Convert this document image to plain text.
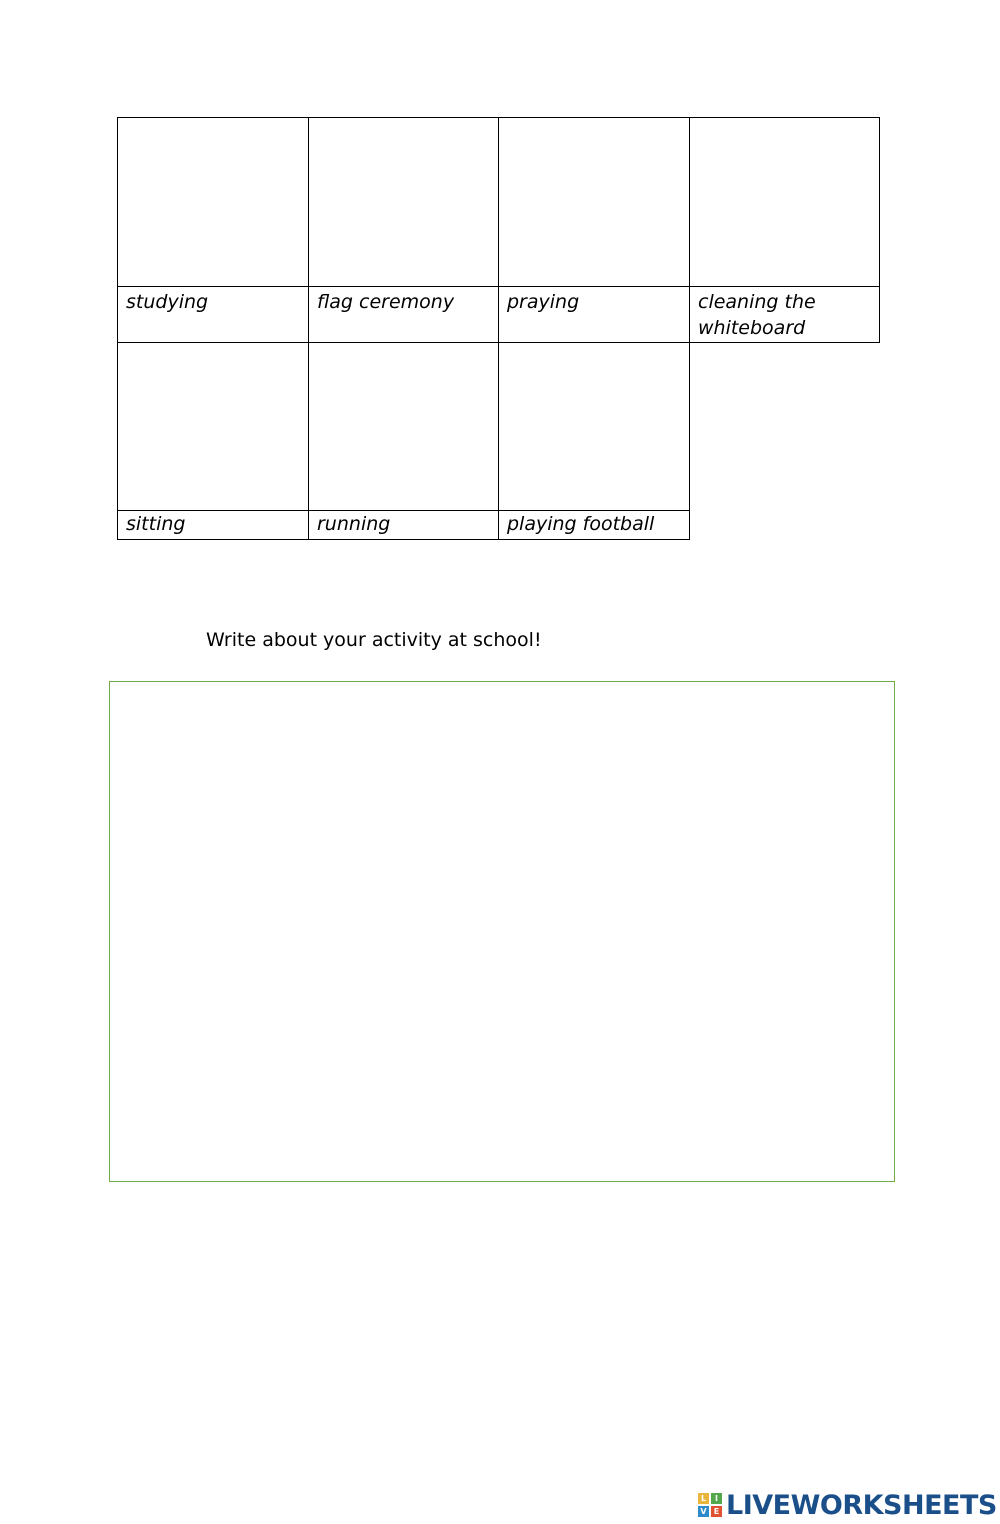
studying	flag ceremony	praying	cleaning the whiteboard
sitting	running	playing football
Write about your activity at school!
L	I
V E LIVEWORKSHEETS
